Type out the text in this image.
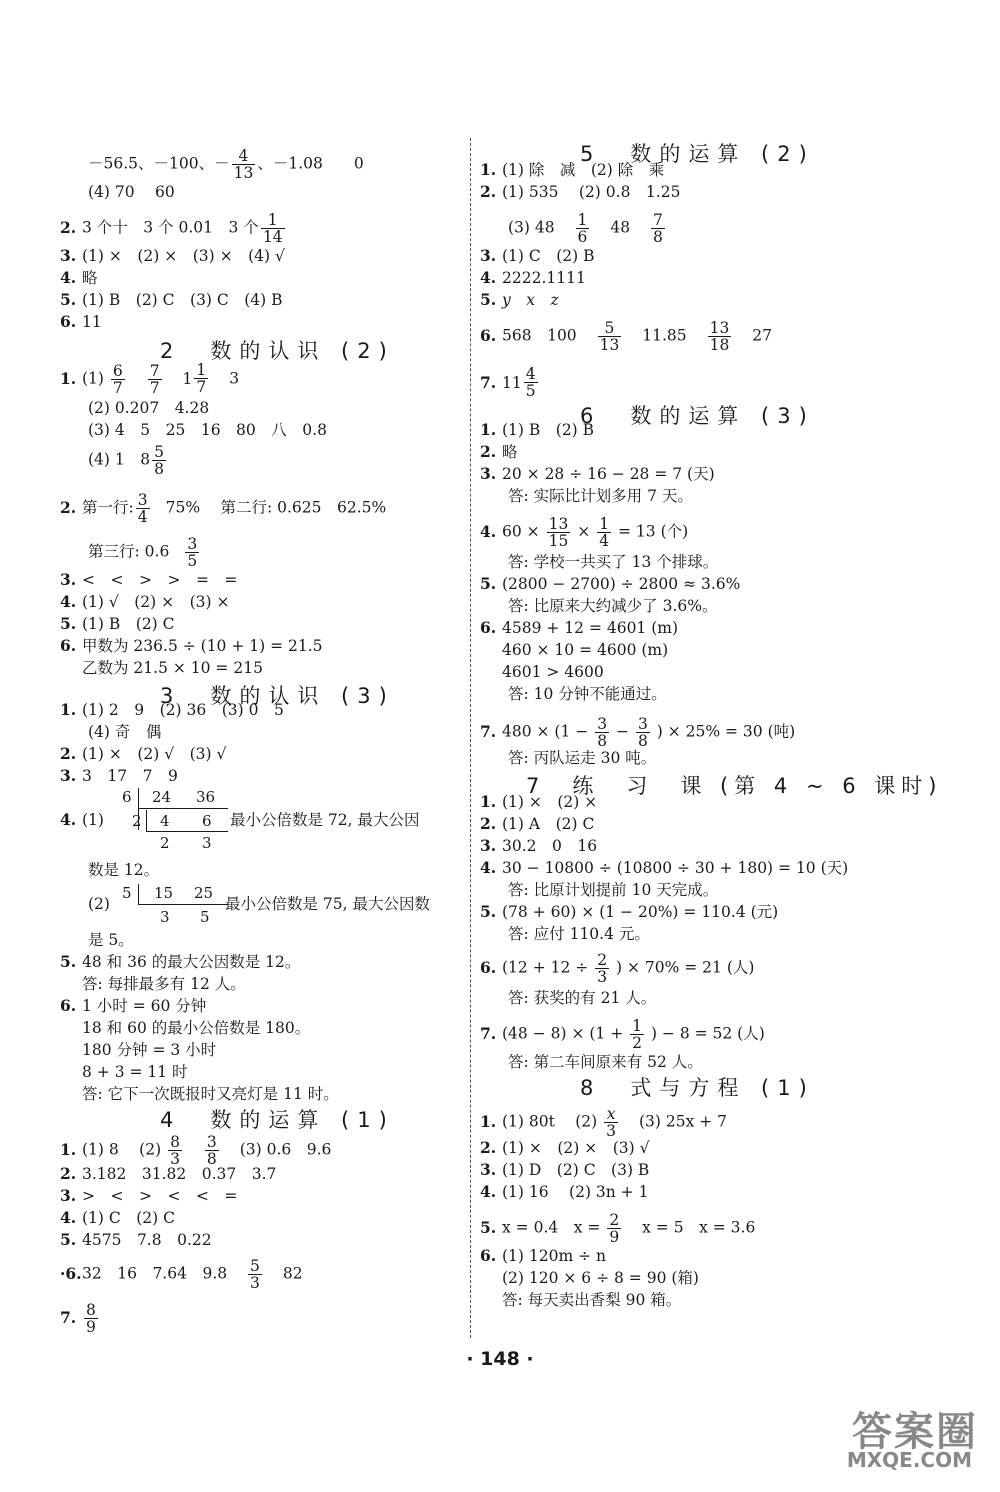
－56.5、－100、－ $\frac{4}{13}$ 、－1.08　　0
(4) 70　 60
2. 3 个十　3 个 0.01　3 个 $\frac{1}{14}$
3. (1) ×　(2) ×　(3) ×　(4) √
4. 略
5. (1) B　(2) C　(3) C　(4) B
6. 11
2　数的认识 (2)
1. $(1) \frac{6}{7}$
$\frac{7}{7}$
$1 \frac{1}{7} 3$
(2) 0.207　4.28
(3) 4　5　25　16　80　八　0.8
(4) 1　$8 \frac{5}{8}$
2. 第一行: $\frac{3}{4} 75\%$　 第二行: 0.625　62.5%
第三行: $0.6 \frac{3}{5}$
3. <　<　>　>　=　=
4. (1) √　(2) ×　(3) ×
5. (1) B　(2) C
6. 甲数为 236.5 ÷ (10 + 1) = 21.5
乙数为 21.5 × 10 = 215
3　数的认识 (3)
1. (1) 2　9　(2) 36　(3) 0　5
(4) 奇　偶
2. (1) ×　(2) √　(3) √
3. 3　17　7　9
4. (1)
6 24 36
2 4 6
2 3
最小公倍数是 72, 最大公因
数是 12。
(2)
5 15 25
3 5
最小公倍数是 75, 最大公因数
是 5。
5. 48 和 36 的最大公因数是 12。
答: 每排最多有 12 人。
6. 1 小时 = 60 分钟
18 和 60 的最小公倍数是 180。
180 分钟 = 3 小时
8 + 3 = 11 时
答: 它下一次既报时又亮灯是 11 时。
4　数的运算 (1)
1. (1) 8　 $(2) \frac{8}{3}$
$\frac{3}{8} (3)$ 0.6　9.6
2. 3.182　31.82　0.37　3.7
3. >　<　>　<　<　=
4. (1) C　(2) C
5. 4575　7.8　0.22
·6.32　16　7.64　$9.8 \frac{5}{3} 82$
7. $\frac{8}{9}$
5　数的运算 (2)
1. (1) 除　减　(2) 除　乘
2. (1) 535　 (2) 0.8　1.25
(3) $48 \frac{1}{6} 48 \frac{7}{8}$
3. (1) C　(2) B
4. 2222.1111
5. y　x　z
6. 568　$100 \frac{5}{13} 11.85 \frac{13}{18} 27$
7. $11 \frac{4}{5}$
6　数的运算 (3)
1. (1) B　(2) B
2. 略
3. 20 × 28 ÷ 16 − 28 = 7 (天)
答: 实际比计划多用 7 天。
4. $60 \times \frac{13}{15} \times \frac{1}{4} = 13$ (个)
答: 学校一共买了 13 个排球。
5. (2800 − 2700) ÷ 2800 ≈ 3.6%
答: 比原来大约减少了 3.6%。
6. 4589 + 12 = 4601 (m)
460 × 10 = 4600 (m)
4601 > 4600
答: 10 分钟不能通过。
7. $480 \times (1 - \frac{3}{8} - \frac{3}{8}$ ) × 25% = 30 (吨)
答: 丙队运走 30 吨。
7　练　习　课 (第 4 ~ 6 课时)
1. (1) ×　(2) ×
2. (1) A　(2) C
3. 30.2　0　16
4. 30 − 10800 ÷ (10800 ÷ 30 + 180) = 10 (天)
答: 比原计划提前 10 天完成。
5. (78 + 60) × (1 − 20%) = 110.4 (元)
答: 应付 110.4 元。
6. ($12 + 12 \div \frac{2}{3}$ ) × 70% = 21 (人)
答: 获奖的有 21 人。
7. $(48 - 8) \times (1 + \frac{1}{2}$ ) − 8 = 52 (人)
答: 第二车间原来有 52 人。
8　式与方程 (1)
1. (1) 80t　 $(2) \frac{x}{3} (3) 25x + 7$
2. (1) ×　(2) ×　(3) √
3. (1) D　(2) C　(3) B
4. (1) 16　 (2) 3n + 1
5. x = 0.4　$x = \frac{2}{9}$ x = 5　x = 3.6
6. (1) 120m ÷ n
(2) 120 × 6 ÷ 8 = 90 (箱)
答: 每天卖出香梨 90 箱。
· 148 ·
答案圈
MXQE.COM
